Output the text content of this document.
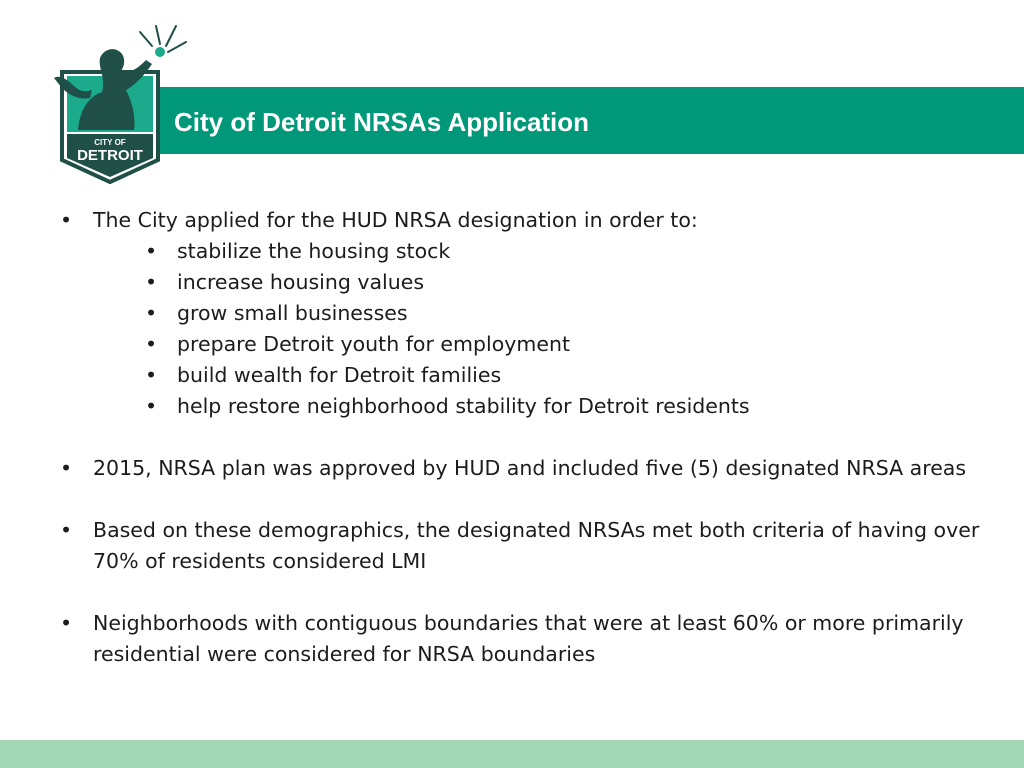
CITY OF
DETROIT
City of Detroit NRSAs Application
• The City applied for the HUD NRSA designation in order to:
• stabilize the housing stock
• increase housing values
• grow small businesses
• prepare Detroit youth for employment
• build wealth for Detroit families
• help restore neighborhood stability for Detroit residents
• 2015, NRSA plan was approved by HUD and included five (5) designated NRSA areas
• Based on these demographics, the designated NRSAs met both criteria of having over 70% of residents considered LMI
• Neighborhoods with contiguous boundaries that were at least 60% or more primarily residential were considered for NRSA boundaries
